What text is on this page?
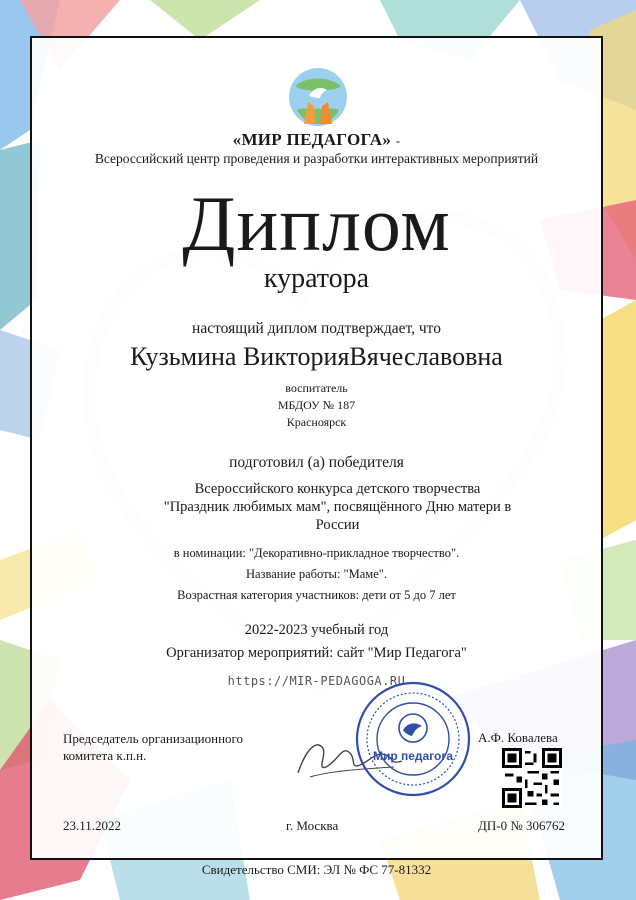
«МИР ПЕДАГОГА» -
Всероссийский центр проведения и разработки интерактивных мероприятий
Диплом
куратора
настоящий диплом подтверждает, что
Кузьмина ВикторияВячеславовна
воспитатель
МБДОУ № 187
Красноярск
подготовил (а) победителя
Всероссийского конкурса детского творчества
"Праздник любимых мам", посвящённого Дню матери в России
в номинации: "Декоративно-прикладное творчество".
Название работы: "Маме".
Возрастная категория участников: дети от 5 до 7 лет
2022-2023 учебный год
Организатор мероприятий: сайт "Мир Педагога"
https://MIR-PEDAGOGA.RU
Председатель организационного
комитета к.п.н.	Мир педагога
А.Ф. Ковалева
23.11.2022	г. Москва	ДП-0 № 306762
Свидетельство СМИ: ЭЛ № ФС 77-81332
